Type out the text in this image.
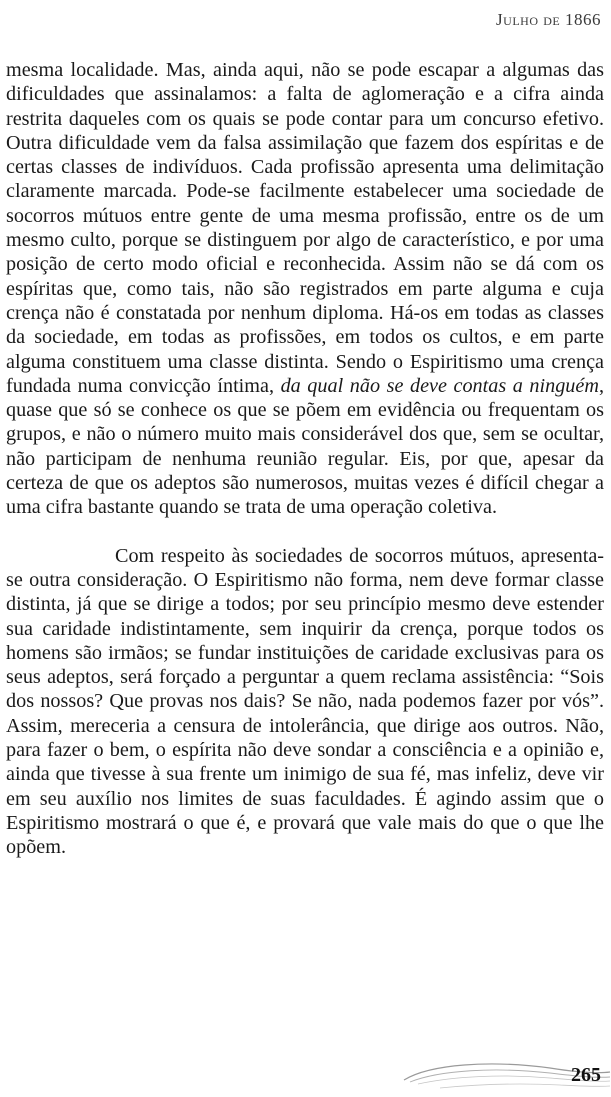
Julho de 1866

mesma localidade. Mas, ainda aqui, não se pode escapar a algumas das dificuldades que assinalamos: a falta de aglomeração e a cifra ainda restrita daqueles com os quais se pode contar para um concurso efetivo. Outra dificuldade vem da falsa assimilação que fazem dos espíritas e de certas classes de indivíduos. Cada profissão apresenta uma delimitação claramente marcada. Pode-se facilmente estabelecer uma sociedade de socorros mútuos entre gente de uma mesma profissão, entre os de um mesmo culto, porque se distinguem por algo de característico, e por uma posição de certo modo oficial e reconhecida. Assim não se dá com os espíritas que, como tais, não são registrados em parte alguma e cuja crença não é constatada por nenhum diploma. Há-os em todas as classes da sociedade, em todas as profissões, em todos os cultos, e em parte alguma constituem uma classe distinta. Sendo o Espiritismo uma crença fundada numa convicção íntima, da qual não se deve contas a ninguém, quase que só se conhece os que se põem em evidência ou frequentam os grupos, e não o número muito mais considerável dos que, sem se ocultar, não participam de nenhuma reunião regular. Eis, por que, apesar da certeza de que os adeptos são numerosos, muitas vezes é difícil chegar a uma cifra bastante quando se trata de uma operação coletiva.

Com respeito às sociedades de socorros mútuos, apresenta-se outra consideração. O Espiritismo não forma, nem deve formar classe distinta, já que se dirige a todos; por seu princípio mesmo deve estender sua caridade indistintamente, sem inquirir da crença, porque todos os homens são irmãos; se fundar instituições de caridade exclusivas para os seus adeptos, será forçado a perguntar a quem reclama assistência: “Sois dos nossos? Que provas nos dais? Se não, nada podemos fazer por vós”. Assim, mereceria a censura de intolerância, que dirige aos outros. Não, para fazer o bem, o espírita não deve sondar a consciência e a opinião e, ainda que tivesse à sua frente um inimigo de sua fé, mas infeliz, deve vir em seu auxílio nos limites de suas faculdades. É agindo assim que o Espiritismo mostrará o que é, e provará que vale mais do que o que lhe opõem.

265
